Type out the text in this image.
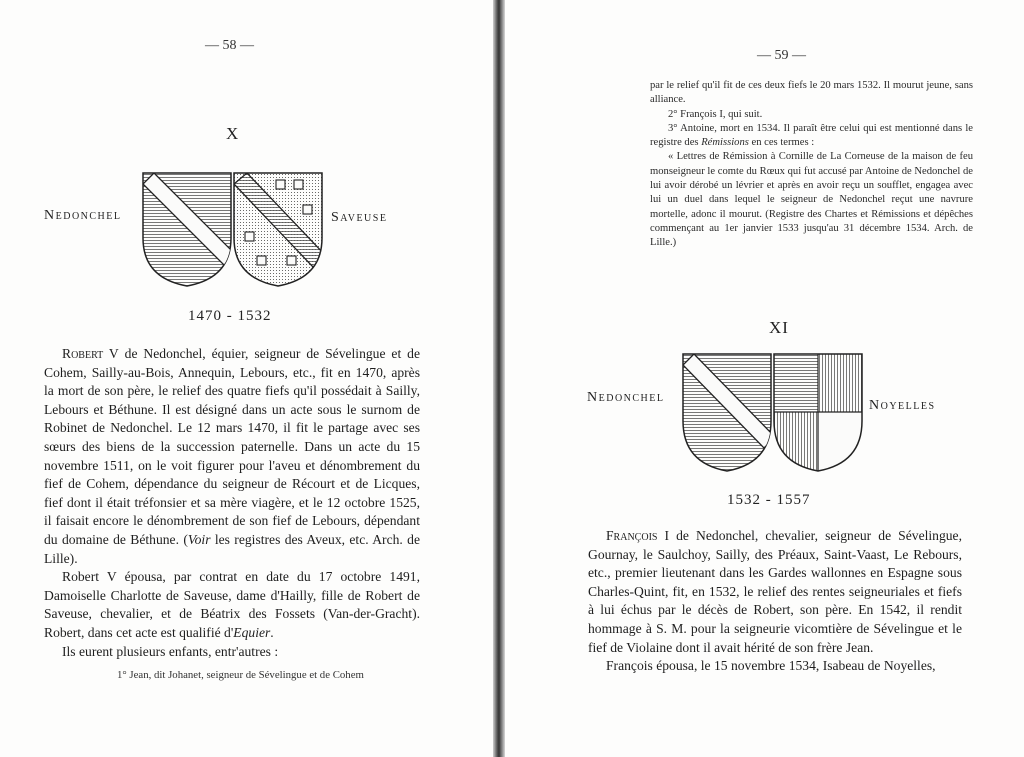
— 58 —
X
Nedonchel	Saveuse
1470 - 1532

Robert V de Nedonchel, équier, seigneur de Sévelingue et de Cohem, Sailly-au-Bois, Annequin, Lebours, etc., fit en 1470, après la mort de son père, le relief des quatre fiefs qu'il possédait à Sailly, Lebours et Béthune. Il est désigné dans un acte sous le surnom de Robinet de Nedonchel. Le 12 mars 1470, il fit le partage avec ses sœurs des biens de la succession paternelle. Dans un acte du 15 novembre 1511, on le voit figurer pour l'aveu et dénombrement du fief de Cohem, dépendance du seigneur de Récourt et de Licques, fief dont il était tréfonsier et sa mère viagère, et le 12 octobre 1525, il faisait encore le dénombrement de son fief de Lebours, dépendant du domaine de Béthune. (Voir les registres des Aveux, etc. Arch. de Lille).

Robert V épousa, par contrat en date du 17 octobre 1491, Damoiselle Charlotte de Saveuse, dame d'Hailly, fille de Robert de Saveuse, chevalier, et de Béatrix des Fossets (Van-der-Gracht). Robert, dans cet acte est qualifié d'Equier.

Ils eurent plusieurs enfants, entr'autres :

1° Jean, dit Johanet, seigneur de Sévelingue et de Cohem
— 59 —

par le relief qu'il fit de ces deux fiefs le 20 mars 1532. Il mourut jeune, sans alliance.

2° François I, qui suit.

3° Antoine, mort en 1534. Il paraît être celui qui est mentionné dans le registre des Rémissions en ces termes :

« Lettres de Rémission à Cornille de La Corneuse de la maison de feu monseigneur le comte du Rœux qui fut accusé par Antoine de Nedonchel de lui avoir dérobé un lévrier et après en avoir reçu un soufflet, engagea avec lui un duel dans lequel le seigneur de Nedonchel reçut une navrure mortelle, adonc il mourut. (Registre des Chartes et Rémissions et dépêches commençant au 1er janvier 1533 jusqu'au 31 décembre 1534. Arch. de Lille.)

XI
Nedonchel
Noyelles
1532 - 1557

François I de Nedonchel, chevalier, seigneur de Sévelingue, Gournay, le Saulchoy, Sailly, des Préaux, Saint-Vaast, Le Rebours, etc., premier lieutenant dans les Gardes wallonnes en Espagne sous Charles-Quint, fit, en 1532, le relief des rentes seigneuriales et fiefs à lui échus par le décès de Robert, son père. En 1542, il rendit hommage à S. M. pour la seigneurie vicomtière de Sévelingue et le fief de Violaine dont il avait hérité de son frère Jean.

François épousa, le 15 novembre 1534, Isabeau de Noyelles,
